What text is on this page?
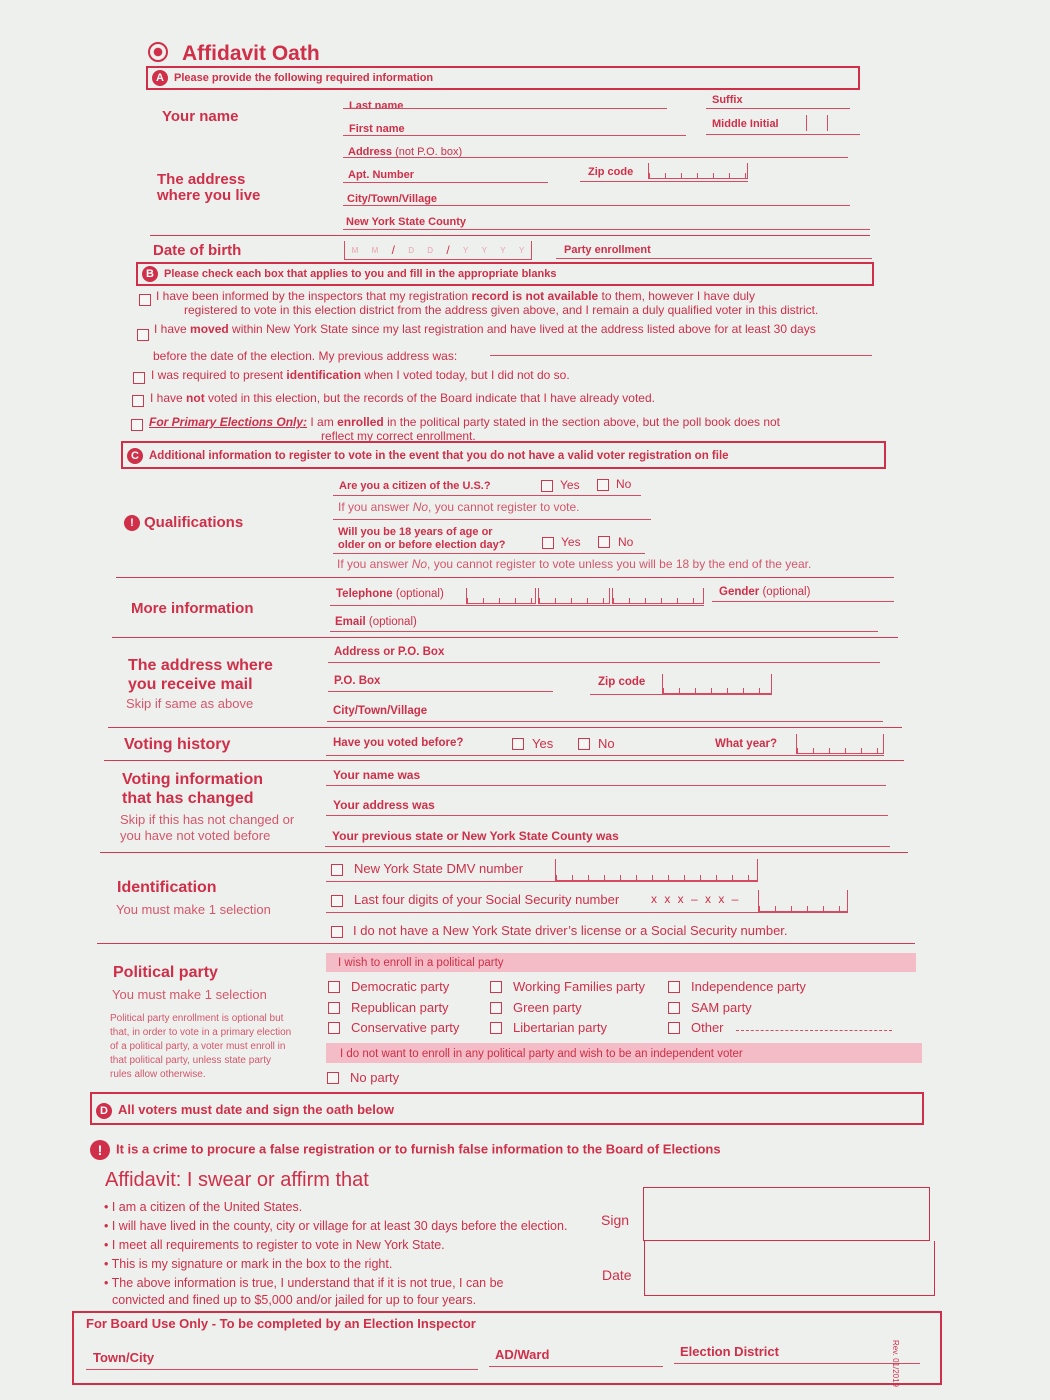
Affidavit Oath
A Please provide the following required information
Your name
Last name	Suffix
First name	Middle Initial
The address
where you live
Address (not P.O. box)
Apt. Number	Zip code
City/Town/Village
New York State County
Date of birth	M M / D D / Y Y Y Y	Party enrollment
B Please check each box that applies to you and fill in the appropriate blanks
I have been informed by the inspectors that my registration record is not available to them, however I have duly
registered to vote in this election district from the address given above, and I remain a duly qualified voter in this district.
I have moved within New York State since my last registration and have lived at the address listed above for at least 30 days
before the date of the election. My previous address was:
I was required to present identification when I voted today, but I did not do so.
I have not voted in this election, but the records of the Board indicate that I have already voted.
For Primary Elections Only: I am enrolled in the political party stated in the section above, but the poll book does not
reflect my correct enrollment.
C Additional information to register to vote in the event that you do not have a valid voter registration on file
! Qualifications
Are you a citizen of the U.S.?	Yes	No
If you answer No, you cannot register to vote.
Will you be 18 years of age or
older on or before election day?	Yes	No
If you answer No, you cannot register to vote unless you will be 18 by the end of the year.
More information
Telephone (optional)	Gender (optional)
Email (optional)
The address where
you receive mail
Skip if same as above
Address or P.O. Box
P.O. Box	Zip code
City/Town/Village
Voting history	Have you voted before?	Yes	No	What year?
Voting information
that has changed
Skip if this has not changed or
you have not voted before
Your name was
Your address was
Your previous state or New York State County was
Identification
You must make 1 selection
New York State DMV number
Last four digits of your Social Security number	x x x – x x –
I do not have a New York State driver’s license or a Social Security number.
Political party
You must make 1 selection
Political party enrollment is optional but
that, in order to vote in a primary election
of a political party, a voter must enroll in
that political party, unless state party
rules allow otherwise.
I wish to enroll in a political party
Democratic party	Working Families party	Independence party
Republican party	Green party	SAM party
Conservative party	Libertarian party	Other
I do not want to enroll in any political party and wish to be an independent voter
No party
D All voters must date and sign the oath below
! It is a crime to procure a false registration or to furnish false information to the Board of Elections
Affidavit: I swear or affirm that
• I am a citizen of the United States.
• I will have lived in the county, city or village for at least 30 days before the election.
• I meet all requirements to register to vote in New York State.
• This is my signature or mark in the box to the right.
• The above information is true, I understand that if it is not true, I can be
convicted and fined up to $5,000 and/or jailed for up to four years.
Sign
Date
For Board Use Only - To be completed by an Election Inspector
Town/City	AD/Ward	Election District	Rev. 01/2019
